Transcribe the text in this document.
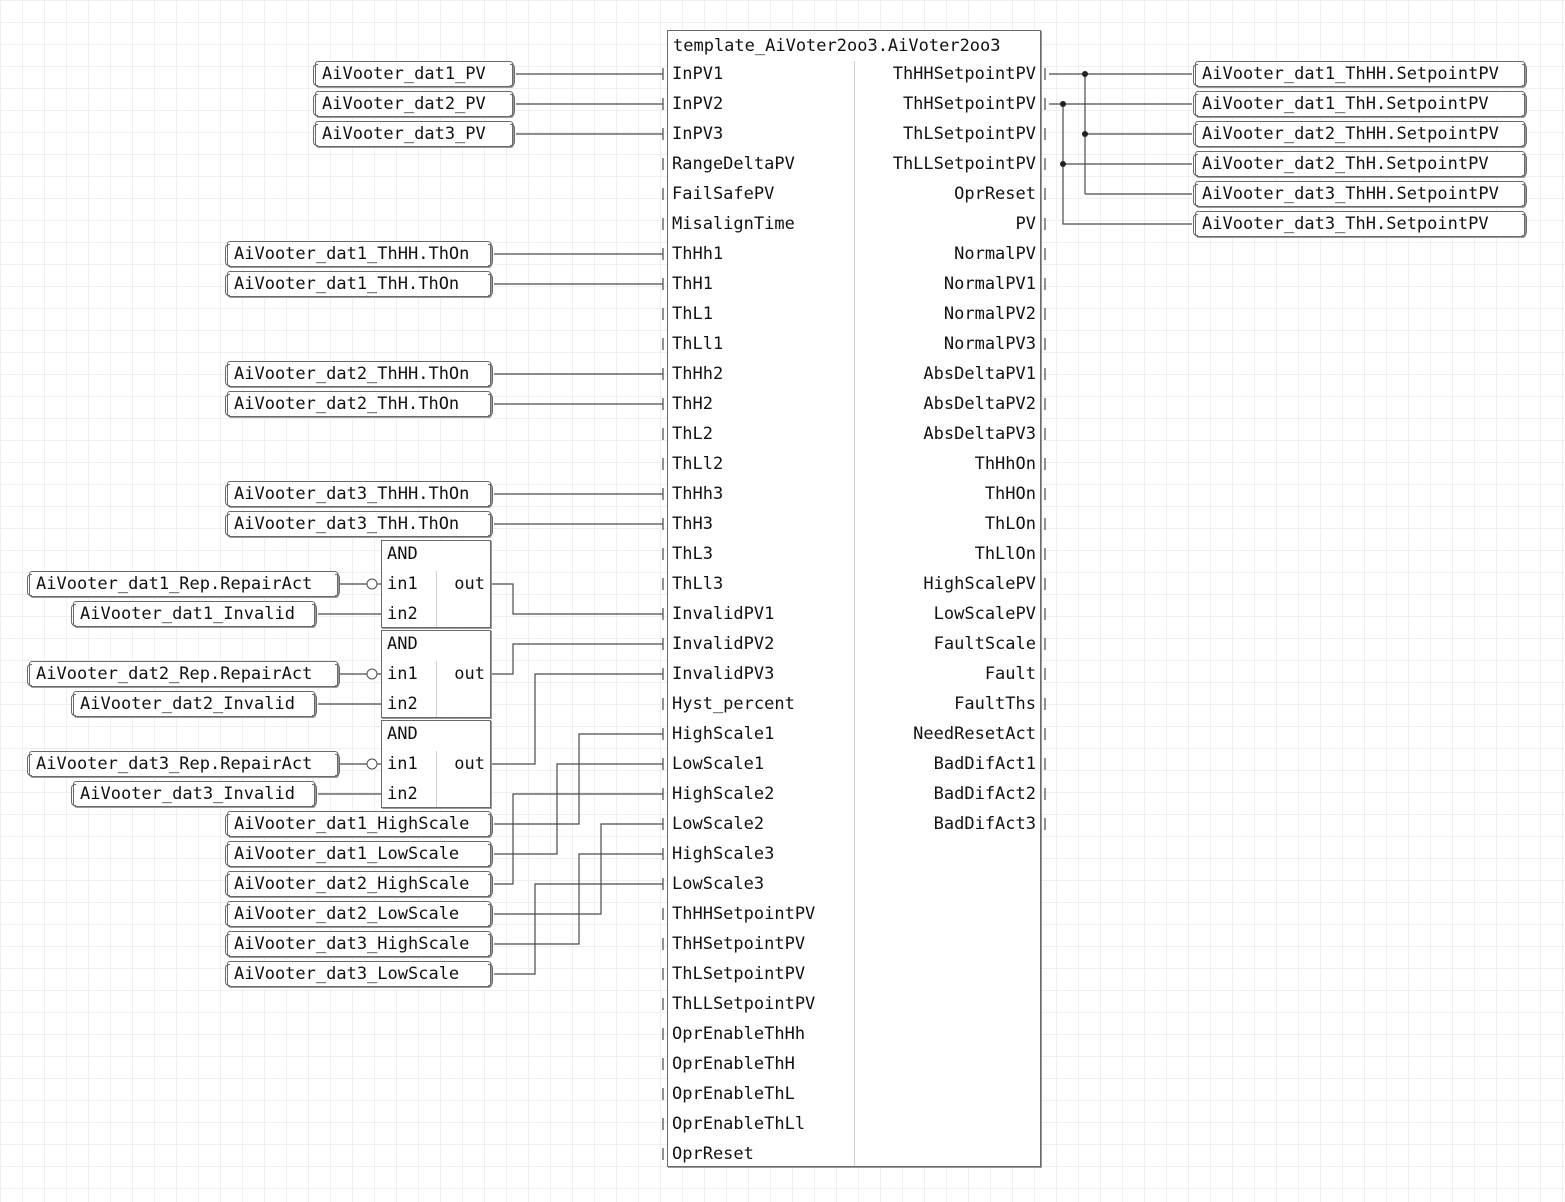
template_AiVoter2oo3.AiVoter2oo3
InPV1
InPV2
InPV3
RangeDeltaPV
FailSafePV
MisalignTime
ThHh1
ThH1
ThL1
ThLl1
ThHh2
ThH2
ThL2
ThLl2
ThHh3
ThH3
ThL3
ThLl3
InvalidPV1
InvalidPV2
InvalidPV3
Hyst_percent
HighScale1
LowScale1
HighScale2
LowScale2
HighScale3
LowScale3
ThHHSetpointPV
ThHSetpointPV
ThLSetpointPV
ThLLSetpointPV
OprEnableThHh
OprEnableThH
OprEnableThL
OprEnableThLl
OprReset
ThHHSetpointPV
ThHSetpointPV
ThLSetpointPV
ThLLSetpointPV
OprReset
PV
NormalPV
NormalPV1
NormalPV2
NormalPV3
AbsDeltaPV1
AbsDeltaPV2
AbsDeltaPV3
ThHhOn
ThHOn
ThLOn
ThLlOn
HighScalePV
LowScalePV
FaultScale
Fault
FaultThs
NeedResetAct
BadDifAct1
BadDifAct2
BadDifAct3
AND
in1
in2
out
AND
in1
in2
out
AND
in1
in2
out
AiVooter_dat1_PV
AiVooter_dat2_PV
AiVooter_dat3_PV
AiVooter_dat1_ThHH.ThOn
AiVooter_dat1_ThH.ThOn
AiVooter_dat2_ThHH.ThOn
AiVooter_dat2_ThH.ThOn
AiVooter_dat3_ThHH.ThOn
AiVooter_dat3_ThH.ThOn
AiVooter_dat1_Rep.RepairAct
AiVooter_dat1_Invalid
AiVooter_dat2_Rep.RepairAct
AiVooter_dat2_Invalid
AiVooter_dat3_Rep.RepairAct
AiVooter_dat3_Invalid
AiVooter_dat1_HighScale
AiVooter_dat1_LowScale
AiVooter_dat2_HighScale
AiVooter_dat2_LowScale
AiVooter_dat3_HighScale
AiVooter_dat3_LowScale
AiVooter_dat1_ThHH.SetpointPV
AiVooter_dat1_ThH.SetpointPV
AiVooter_dat2_ThHH.SetpointPV
AiVooter_dat2_ThH.SetpointPV
AiVooter_dat3_ThHH.SetpointPV
AiVooter_dat3_ThH.SetpointPV
